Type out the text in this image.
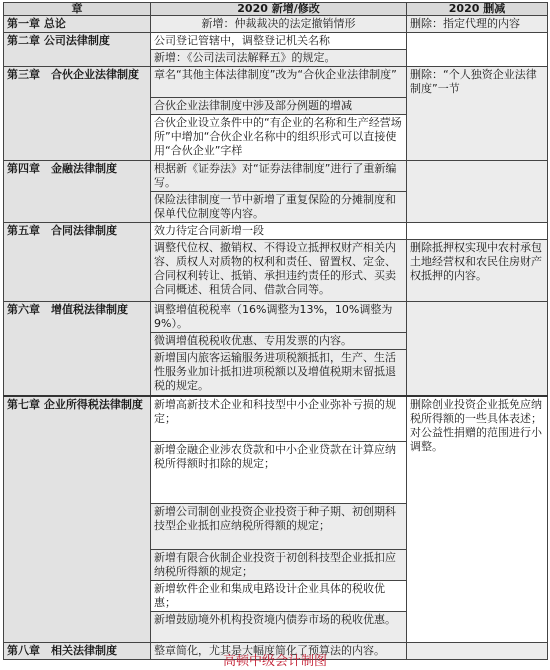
章	2020 新增/修改	2020 删减
第一章 总论	新增：仲裁裁决的法定撤销情形	删除：指定代理的内容
第二章 公司法律制度	公司登记管辖中，调整登记机关名称	
	新增：《公司法司法解释五》的规定。	
第三章　合伙企业法律制度	章名“其他主体法律制度”改为“合伙企业法律制度”	删除：“个人独资企业法律制度”一节
	合伙企业法律制度中涉及部分例题的增减	
	合伙企业设立条件中的“有企业的名称和生产经营场所”中增加“合伙企业名称中的组织形式可以直接使用“合伙企业”字样	
第四章　金融法律制度	根据新《证券法》对“证券法律制度”进行了重新编写。	
	保险法律制度一节中新增了重复保险的分摊制度和保单代位制度等内容。	
第五章　合同法律制度	效力待定合同新增一段	
	调整代位权、撤销权、不得设立抵押权财产相关内容、质权人对质物的权利和责任、留置权、定金、合同权利转让、抵销、承担违约责任的形式、买卖合同概述、租赁合同、借款合同等。	删除抵押权实现中农村承包土地经营权和农民住房财产权抵押的内容。
第六章　增值税法律制度	调整增值税税率（16%调整为13%，10%调整为9%）。	
	微调增值税税收优惠、专用发票的内容。	
	新增国内旅客运输服务进项税额抵扣，生产、生活性服务业加计抵扣进项税额以及增值税期末留抵退税的规定。	
第七章 企业所得税法律制度	新增高新技术企业和科技型中小企业弥补亏损的规定；	删除创业投资企业抵免应纳税所得额的一些具体表述；对公益性捐赠的范围进行小调整。
	新增金融企业涉农贷款和中小企业贷款在计算应纳税所得额时扣除的规定；	
	新增公司制创业投资企业投资于种子期、初创期科技型企业抵扣应纳税所得额的规定；	
	新增有限合伙制企业投资于初创科技型企业抵扣应纳税所得额的规定；	
	新增软件企业和集成电路设计企业具体的税收优惠；	
	新增鼓励境外机构投资境内债券市场的税收优惠。	
第八章　相关法律制度	整章简化，尤其是大幅度简化了预算法的内容。	
高顿中级会计制图
